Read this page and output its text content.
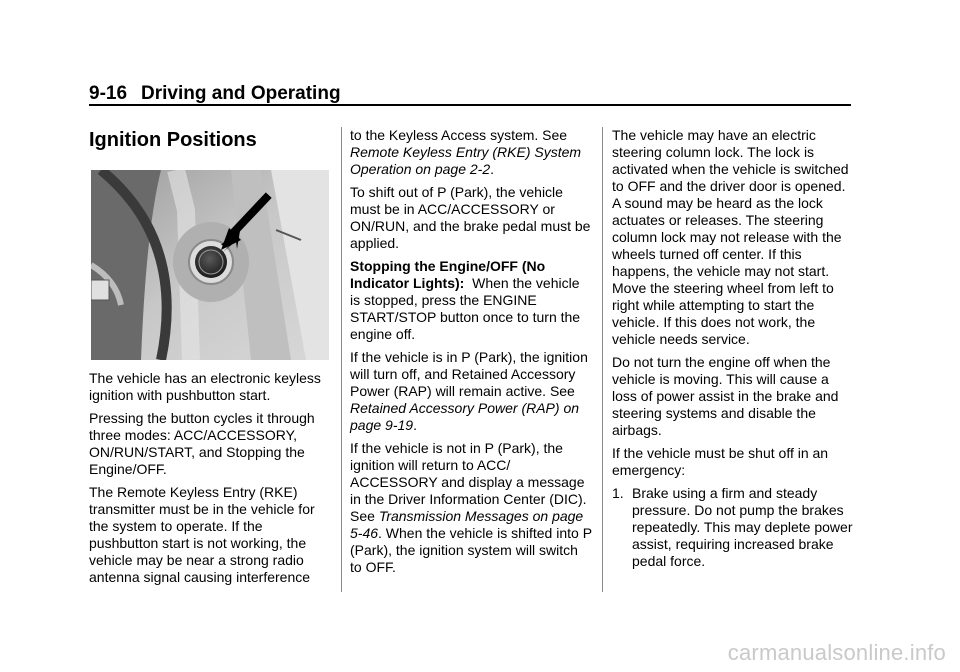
9-16 Driving and Operating
Ignition Positions

The vehicle has an electronic keyless ignition with pushbutton start.

Pressing the button cycles it through three modes: ACC/ACCESSORY, ON/RUN/START, and Stopping the Engine/OFF.

The Remote Keyless Entry (RKE) transmitter must be in the vehicle for the system to operate. If the pushbutton start is not working, the vehicle may be near a strong radio antenna signal causing interference

to the Keyless Access system. See Remote Keyless Entry (RKE) System Operation on page 2-2.

To shift out of P (Park), the vehicle must be in ACC/ACCESSORY or ON/RUN, and the brake pedal must be applied.

Stopping the Engine/OFF (No Indicator Lights): When the vehicle is stopped, press the ENGINE START/STOP button once to turn the engine off.

If the vehicle is in P (Park), the ignition will turn off, and Retained Accessory Power (RAP) will remain active. See Retained Accessory Power (RAP) on page 9-19.

If the vehicle is not in P (Park), the ignition will return to ACC/ ACCESSORY and display a message in the Driver Information Center (DIC). See Transmission Messages on page 5-46. When the vehicle is shifted into P (Park), the ignition system will switch to OFF.

The vehicle may have an electric steering column lock. The lock is activated when the vehicle is switched to OFF and the driver door is opened. A sound may be heard as the lock actuates or releases. The steering column lock may not release with the wheels turned off center. If this happens, the vehicle may not start. Move the steering wheel from left to right while attempting to start the vehicle. If this does not work, the vehicle needs service.

Do not turn the engine off when the vehicle is moving. This will cause a loss of power assist in the brake and steering systems and disable the airbags.

If the vehicle must be shut off in an emergency:

1. Brake using a firm and steady pressure. Do not pump the brakes repeatedly. This may deplete power assist, requiring increased brake pedal force.
carmanualsonline.info
